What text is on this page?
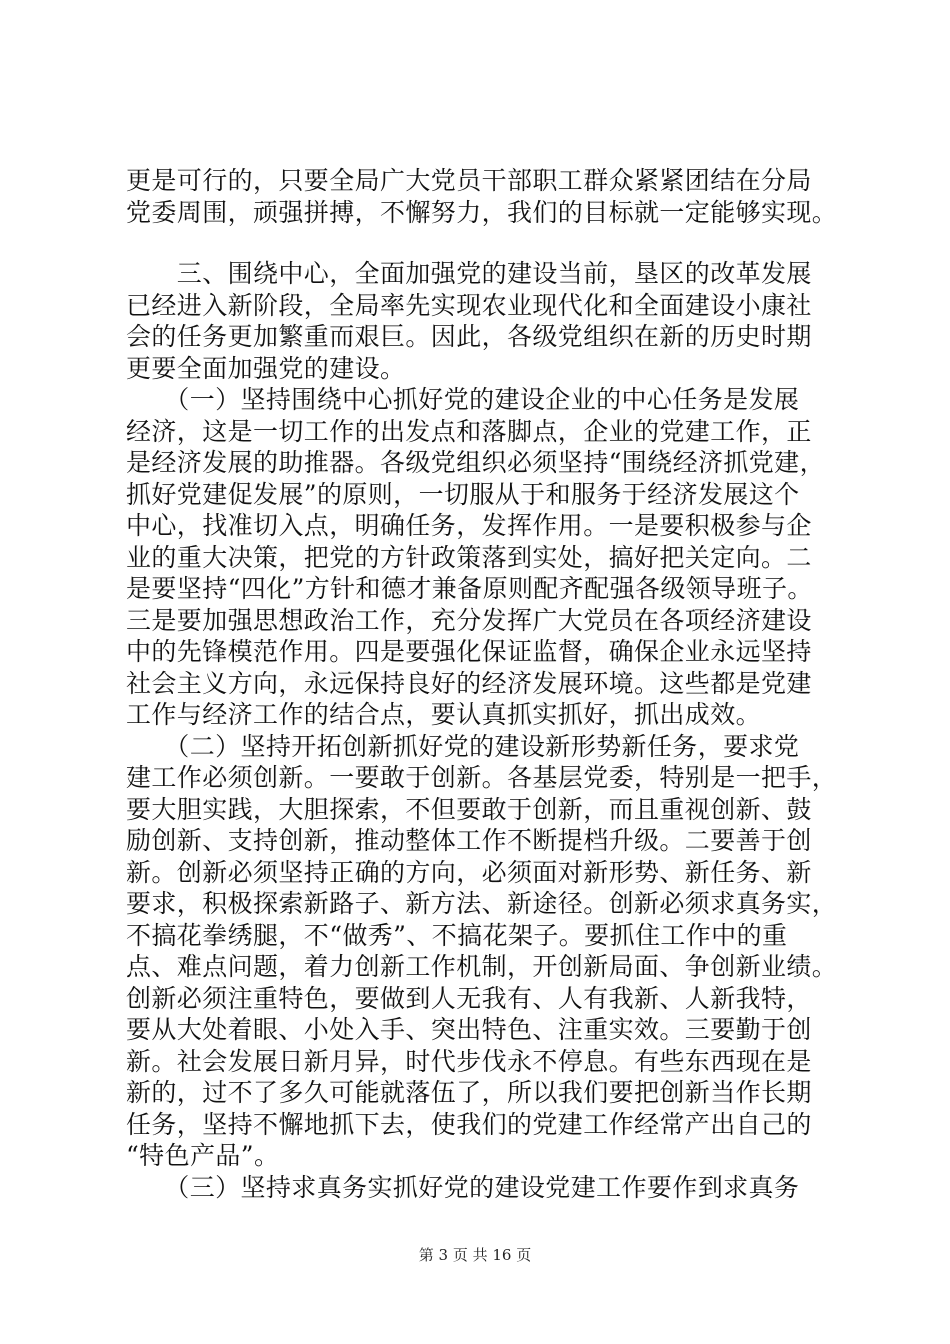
更是可行的，只要全局广大党员干部职工群众紧紧团结在分局
党委周围，顽强拼搏，不懈努力，我们的目标就一定能够实现。
　　三、围绕中心，全面加强党的建设当前，垦区的改革发展
已经进入新阶段，全局率先实现农业现代化和全面建设小康社
会的任务更加繁重而艰巨。因此，各级党组织在新的历史时期
更要全面加强党的建设。
　　（一）坚持围绕中心抓好党的建设企业的中心任务是发展
经济，这是一切工作的出发点和落脚点，企业的党建工作，正
是经济发展的助推器。各级党组织必须坚持“围绕经济抓党建，
抓好党建促发展”的原则，一切服从于和服务于经济发展这个
中心，找准切入点，明确任务，发挥作用。一是要积极参与企
业的重大决策，把党的方针政策落到实处，搞好把关定向。二
是要坚持“四化”方针和德才兼备原则配齐配强各级领导班子。
三是要加强思想政治工作，充分发挥广大党员在各项经济建设
中的先锋模范作用。四是要强化保证监督，确保企业永远坚持
社会主义方向，永远保持良好的经济发展环境。这些都是党建
工作与经济工作的结合点，要认真抓实抓好，抓出成效。
　　（二）坚持开拓创新抓好党的建设新形势新任务，要求党
建工作必须创新。一要敢于创新。各基层党委，特别是一把手，
要大胆实践，大胆探索，不但要敢于创新，而且重视创新、鼓
励创新、支持创新，推动整体工作不断提档升级。二要善于创
新。创新必须坚持正确的方向，必须面对新形势、新任务、新
要求，积极探索新路子、新方法、新途径。创新必须求真务实，
不搞花拳绣腿，不“做秀”、不搞花架子。要抓住工作中的重
点、难点问题，着力创新工作机制，开创新局面、争创新业绩。
创新必须注重特色，要做到人无我有、人有我新、人新我特，
要从大处着眼、小处入手、突出特色、注重实效。三要勤于创
新。社会发展日新月异，时代步伐永不停息。有些东西现在是
新的，过不了多久可能就落伍了，所以我们要把创新当作长期
任务，坚持不懈地抓下去，使我们的党建工作经常产出自己的
“特色产品”。
　　（三）坚持求真务实抓好党的建设党建工作要作到求真务
第 3 页 共 16 页
